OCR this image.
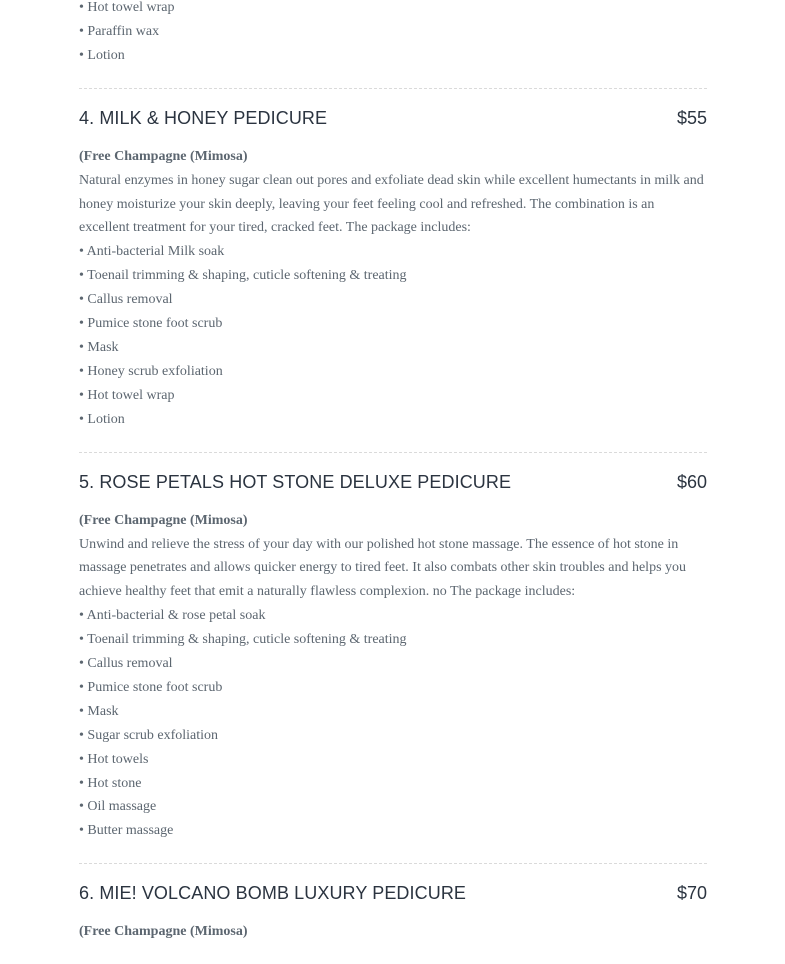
• Hot towel wrap
• Paraffin wax
• Lotion
4. MILK & HONEY PEDICURE	$55
(Free Champagne (Mimosa)

Natural enzymes in honey sugar clean out pores and exfoliate dead skin while excellent humectants in milk and honey moisturize your skin deeply, leaving your feet feeling cool and refreshed. The combination is an excellent treatment for your tired, cracked feet. The package includes:

• Anti-bacterial Milk soak
• Toenail trimming & shaping, cuticle softening & treating
• Callus removal
• Pumice stone foot scrub
• Mask
• Honey scrub exfoliation
• Hot towel wrap
• Lotion
5. ROSE PETALS HOT STONE DELUXE PEDICURE	$60
(Free Champagne (Mimosa)

Unwind and relieve the stress of your day with our polished hot stone massage. The essence of hot stone in massage penetrates and allows quicker energy to tired feet. It also combats other skin troubles and helps you achieve healthy feet that emit a naturally flawless complexion. no The package includes:

• Anti-bacterial & rose petal soak
• Toenail trimming & shaping, cuticle softening & treating
• Callus removal
• Pumice stone foot scrub
• Mask
• Sugar scrub exfoliation
• Hot towels
• Hot stone
• Oil massage
• Butter massage
6. MIE! VOLCANO BOMB LUXURY PEDICURE	$70
(Free Champagne (Mimosa)
